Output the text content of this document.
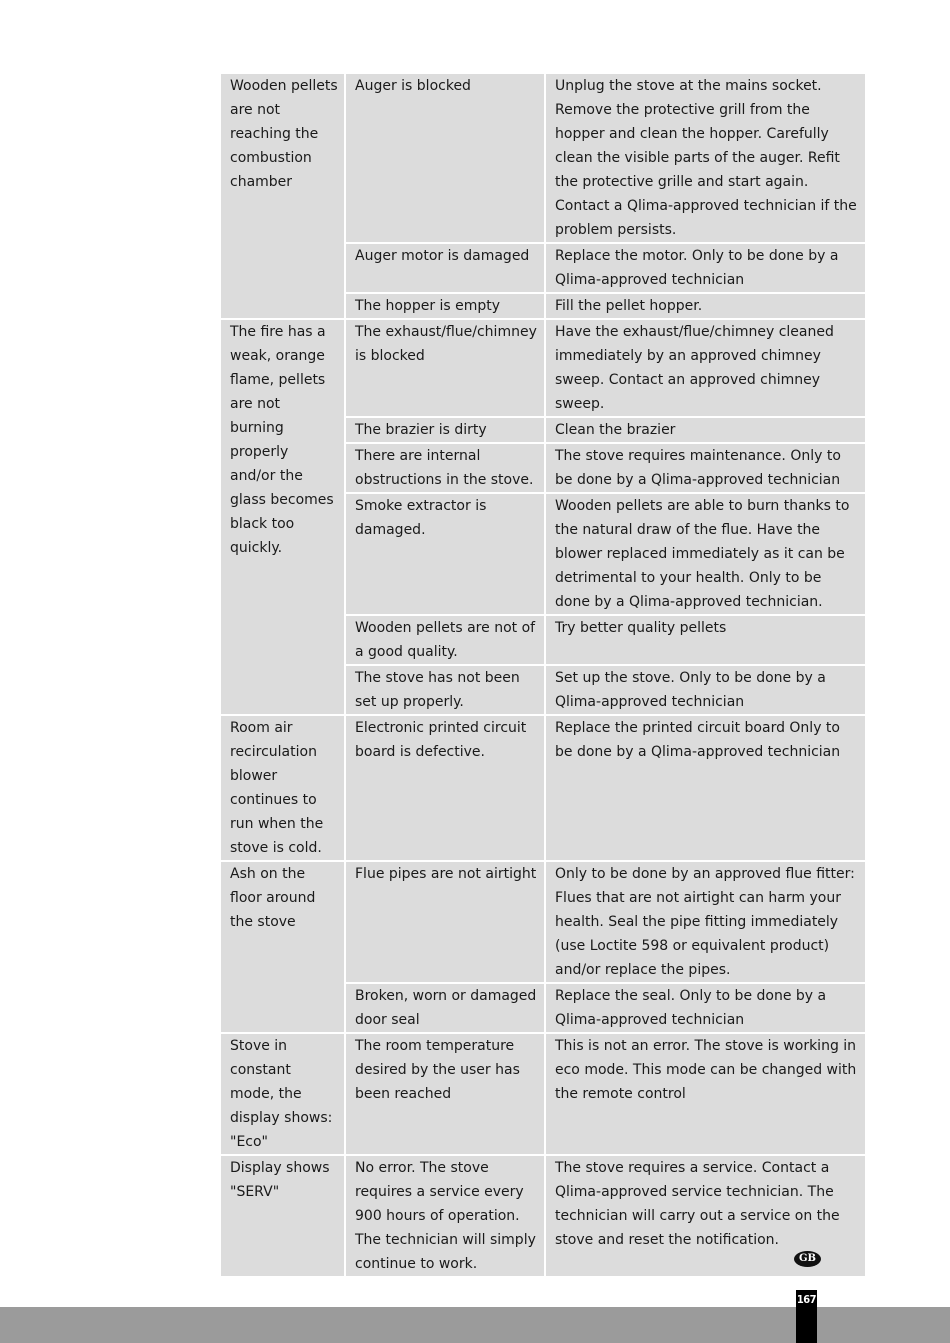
Wooden pellets are not reaching the combustion chamber	Auger is blocked	Unplug the stove at the mains socket. Remove the protective grill from the hopper and clean the hopper. Carefully clean the visible parts of the auger. Refit the protective grille and start again. Contact a Qlima-approved technician if the problem persists.
	Auger motor is damaged	Replace the motor. Only to be done by a Qlima-approved technician
	The hopper is empty	Fill the pellet hopper.
The fire has a weak, orange flame, pellets are not burning properly and/or the glass becomes black too quickly.	The exhaust/flue/chimney is blocked	Have the exhaust/flue/chimney cleaned immediately by an approved chimney sweep. Contact an approved chimney sweep.
	The brazier is dirty	Clean the brazier
	There are internal obstructions in the stove.	The stove requires maintenance. Only to be done by a Qlima-approved technician
	Smoke extractor is damaged.	Wooden pellets are able to burn thanks to the natural draw of the flue. Have the blower replaced immediately as it can be detrimental to your health. Only to be done by a Qlima-approved technician.
	Wooden pellets are not of a good quality.	Try better quality pellets
	The stove has not been set up properly.	Set up the stove. Only to be done by a Qlima-approved technician
Room air recirculation blower continues to run when the stove is cold.	Electronic printed circuit board is defective.	Replace the printed circuit board Only to be done by a Qlima-approved technician
Ash on the floor around the stove	Flue pipes are not airtight	Only to be done by an approved flue fitter: Flues that are not airtight can harm your health. Seal the pipe fitting immediately (use Loctite 598 or equivalent product) and/or replace the pipes.
	Broken, worn or damaged door seal	Replace the seal. Only to be done by a Qlima-approved technician
Stove in constant mode, the display shows: "Eco"	The room temperature desired by the user has been reached	This is not an error. The stove is working in eco mode. This mode can be changed with the remote control
Display shows "SERV"	No error. The stove requires a service every 900 hours of operation. The technician will simply continue to work.	The stove requires a service. Contact a Qlima-approved service technician. The technician will carry out a service on the stove and reset the notification.
GB
167
